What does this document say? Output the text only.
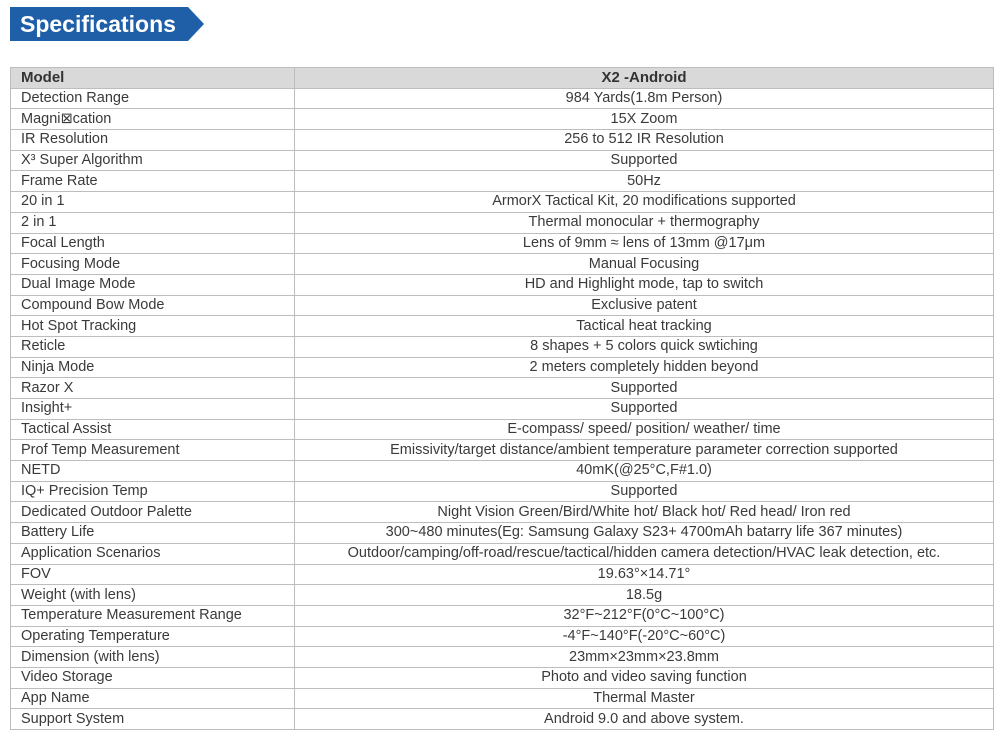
Specifications
Model	X2 -Android
Detection Range	984 Yards(1.8m Person)
Magni⊠cation	15X Zoom
IR Resolution	256 to 512 IR Resolution
X³ Super Algorithm	Supported
Frame Rate	50Hz
20 in 1	ArmorX Tactical Kit, 20 modifications supported
2 in 1	Thermal monocular + thermography
Focal Length	Lens of 9mm ≈ lens of 13mm @17μm
Focusing Mode	Manual Focusing
Dual Image Mode	HD and Highlight mode, tap to switch
Compound Bow Mode	Exclusive patent
Hot Spot Tracking	Tactical heat tracking
Reticle	8 shapes + 5 colors quick swtiching
Ninja Mode	2 meters completely hidden beyond
Razor X	Supported
Insight+	Supported
Tactical Assist	E-compass/ speed/ position/ weather/ time
Prof Temp Measurement	Emissivity/target distance/ambient temperature parameter correction supported
NETD	40mK(@25°C,F#1.0)
IQ+ Precision Temp	Supported
Dedicated Outdoor Palette	Night Vision Green/Bird/White hot/ Black hot/ Red head/ Iron red
Battery Life	300~480 minutes(Eg: Samsung Galaxy S23+ 4700mAh batarry life 367 minutes)
Application Scenarios	Outdoor/camping/off-road/rescue/tactical/hidden camera detection/HVAC leak detection, etc.
FOV	19.63°×14.71°
Weight (with lens)	18.5g
Temperature Measurement Range	32°F~212°F(0°C~100°C)
Operating Temperature	-4°F~140°F(-20°C~60°C)
Dimension (with lens)	23mm×23mm×23.8mm
Video Storage	Photo and video saving function
App Name	Thermal Master
Support System	Android 9.0 and above system.
